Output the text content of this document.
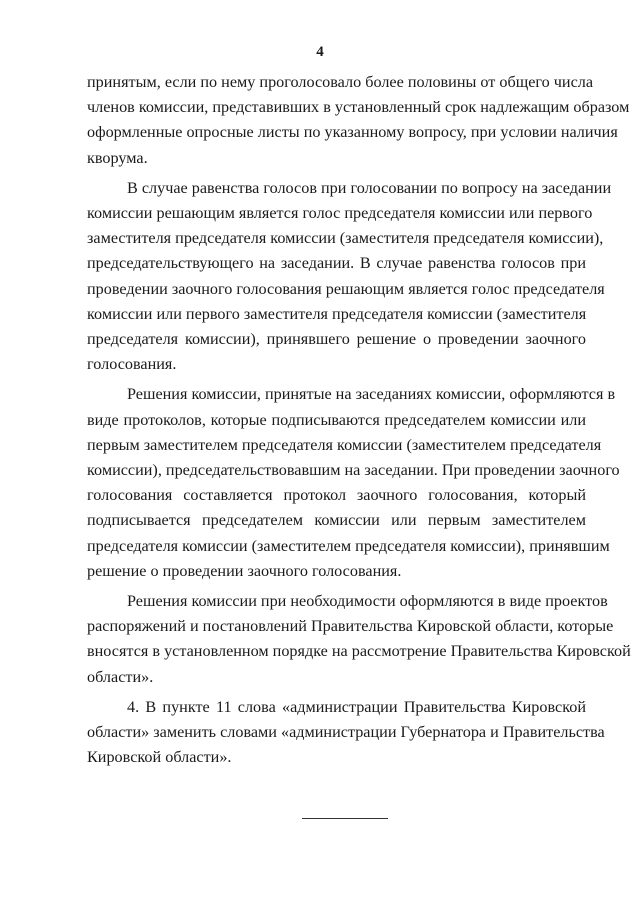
4
принятым, если по нему проголосовало более половины от общего числа
членов комиссии, представивших в установленный срок надлежащим образом
оформленные опросные листы по указанному вопросу, при условии наличия
кворума.
В случае равенства голосов при голосовании по вопросу на заседании
комиссии решающим является голос председателя комиссии или первого
заместителя председателя комиссии (заместителя председателя комиссии),
председательствующего на заседании. В случае равенства голосов при
проведении заочного голосования решающим является голос председателя
комиссии или первого заместителя председателя комиссии (заместителя
председателя комиссии), принявшего решение о проведении заочного
голосования.
Решения комиссии, принятые на заседаниях комиссии, оформляются в
виде протоколов, которые подписываются председателем комиссии или
первым заместителем председателя комиссии (заместителем председателя
комиссии), председательствовавшим на заседании. При проведении заочного
голосования составляется протокол заочного голосования, который
подписывается председателем комиссии или первым заместителем
председателя комиссии (заместителем председателя комиссии), принявшим
решение о проведении заочного голосования.
Решения комиссии при необходимости оформляются в виде проектов
распоряжений и постановлений Правительства Кировской области, которые
вносятся в установленном порядке на рассмотрение Правительства Кировской
области».
4. В пункте 11 слова «администрации Правительства Кировской
области» заменить словами «администрации Губернатора и Правительства
Кировской области».
